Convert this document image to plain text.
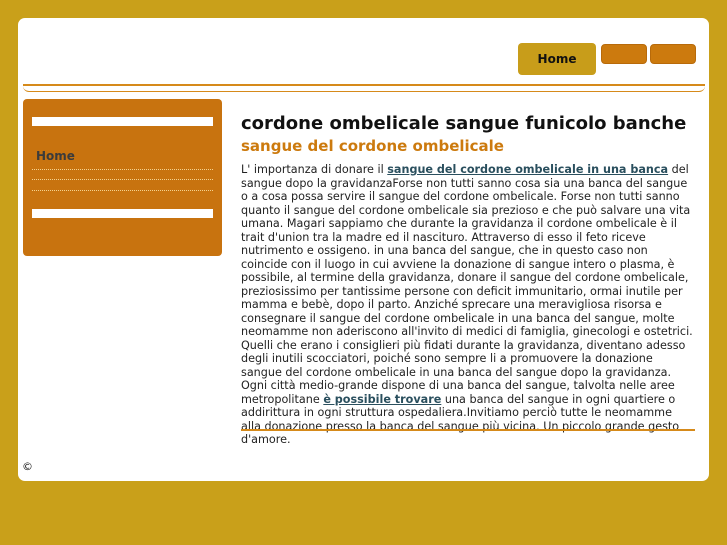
Home
Home
cordone ombelicale sangue funicolo banche
sangue del cordone ombelicale
L' importanza di donare il sangue del cordone ombelicale in una banca del sangue dopo la gravidanzaForse non tutti sanno cosa sia una banca del sangue o a cosa possa servire il sangue del cordone ombelicale. Forse non tutti sanno quanto il sangue del cordone ombelicale sia prezioso e che può salvare una vita umana. Magari sappiamo che durante la gravidanza il cordone ombelicale è il trait d'union tra la madre ed il nascituro. Attraverso di esso il feto riceve nutrimento e ossigeno. in una banca del sangue, che in questo caso non coincide con il luogo in cui avviene la donazione di sangue intero o plasma, è possibile, al termine della gravidanza, donare il sangue del cordone ombelicale, preziosissimo per tantissime persone con deficit immunitario, ormai inutile per mamma e bebè, dopo il parto. Anziché sprecare una meravigliosa risorsa e consegnare il sangue del cordone ombelicale in una banca del sangue, molte neomamme non aderiscono all'invito di medici di famiglia, ginecologi e ostetrici. Quelli che erano i consiglieri più fidati durante la gravidanza, diventano adesso degli inutili scocciatori, poiché sono sempre li a promuovere la donazione sangue del cordone ombelicale in una banca del sangue dopo la gravidanza. Ogni città medio-grande dispone di una banca del sangue, talvolta nelle aree metropolitane è possibile trovare una banca del sangue in ogni quartiere o addirittura in ogni struttura ospedaliera.Invitiamo perciò tutte le neomamme alla donazione presso la banca del sangue più vicina. Un piccolo grande gesto d'amore.
©
